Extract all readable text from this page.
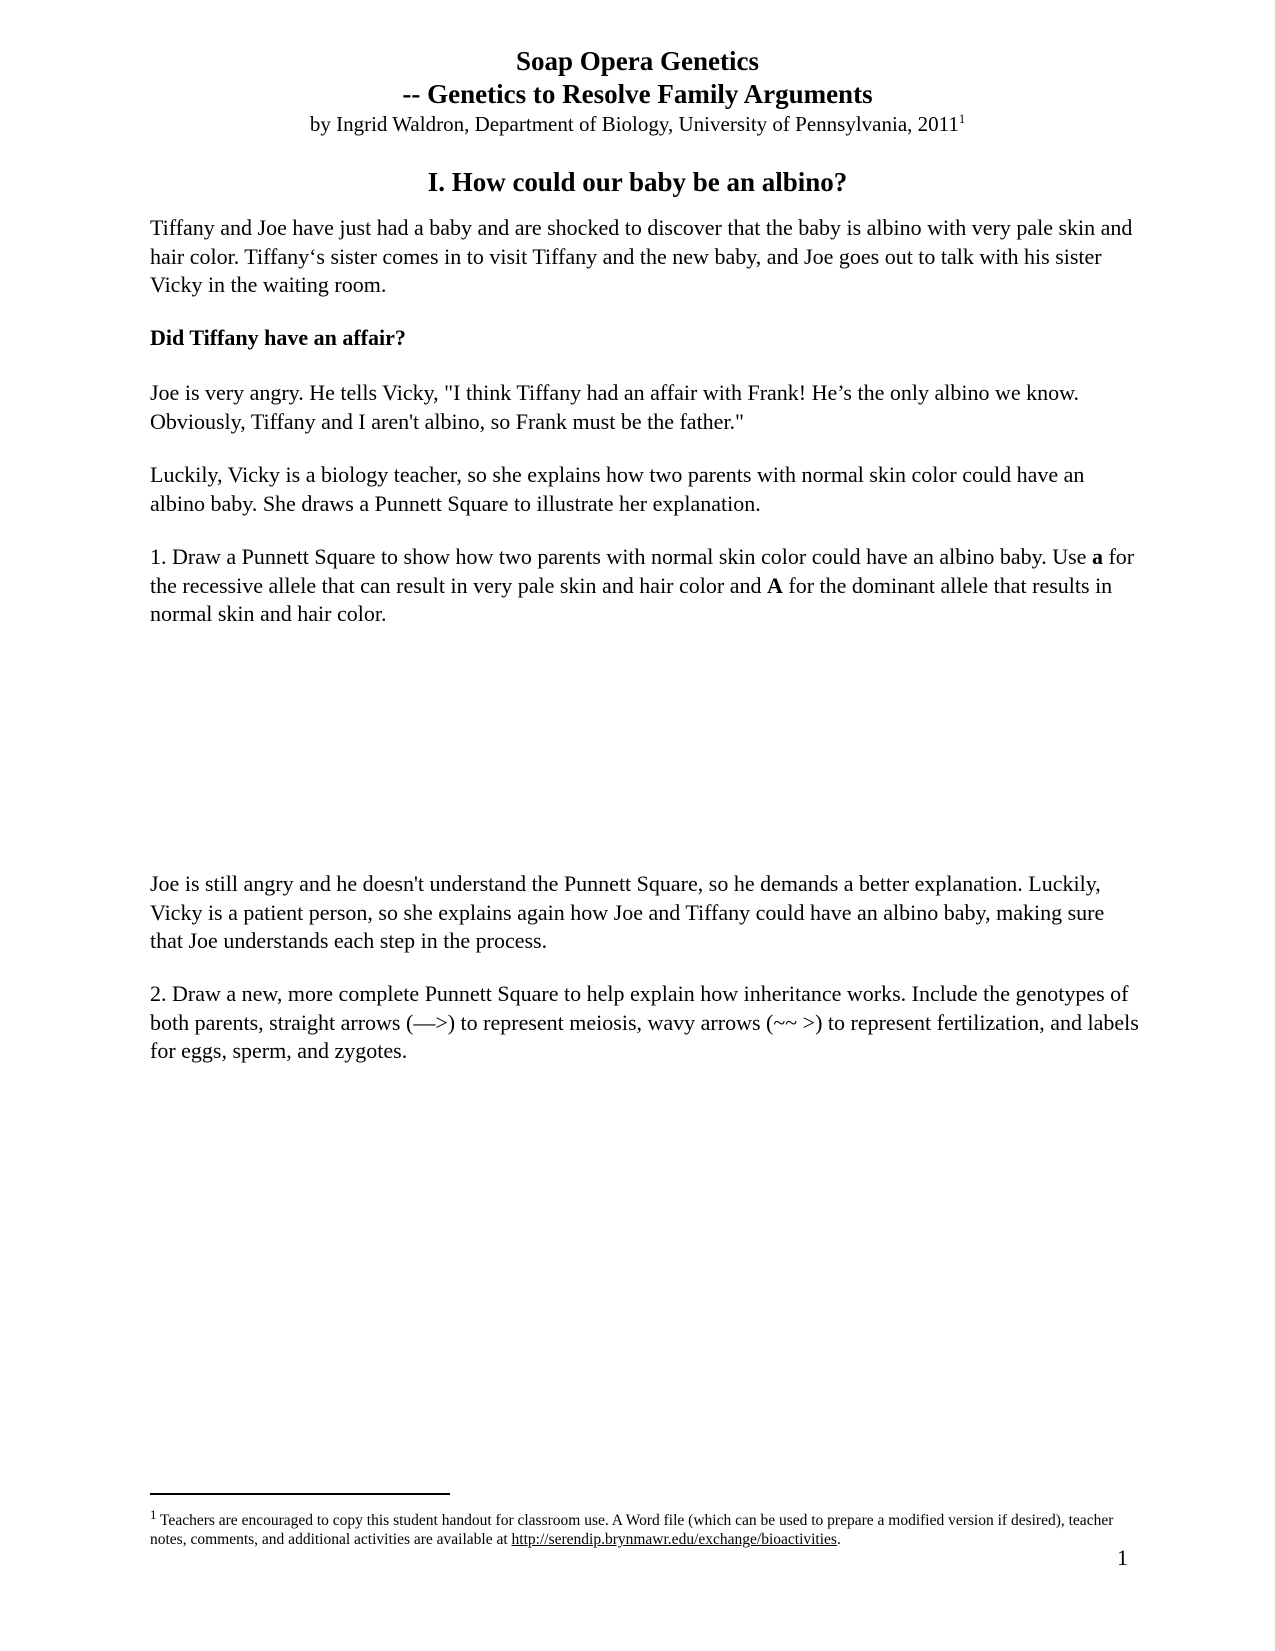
Soap Opera Genetics

-- Genetics to Resolve Family Arguments

by Ingrid Waldron, Department of Biology, University of Pennsylvania, 2011$^1$

I. How could our baby be an albino?

Tiffany and Joe have just had a baby and are shocked to discover that the baby is albino with very pale skin and hair color. Tiffany‘s sister comes in to visit Tiffany and the new baby, and Joe goes out to talk with his sister Vicky in the waiting room.

Did Tiffany have an affair?

Joe is very angry. He tells Vicky, "I think Tiffany had an affair with Frank! He’s the only albino we know. Obviously, Tiffany and I aren't albino, so Frank must be the father."

Luckily, Vicky is a biology teacher, so she explains how two parents with normal skin color could have an albino baby. She draws a Punnett Square to illustrate her explanation.

1. Draw a Punnett Square to show how two parents with normal skin color could have an albino baby. Use a for the recessive allele that can result in very pale skin and hair color and A for the dominant allele that results in normal skin and hair color.

Joe is still angry and he doesn't understand the Punnett Square, so he demands a better explanation. Luckily, Vicky is a patient person, so she explains again how Joe and Tiffany could have an albino baby, making sure that Joe understands each step in the process.

2. Draw a new, more complete Punnett Square to help explain how inheritance works. Include the genotypes of both parents, straight arrows (—>) to represent meiosis, wavy arrows (~~ >) to represent fertilization, and labels for eggs, sperm, and zygotes.

$^1$ Teachers are encouraged to copy this student handout for classroom use. A Word file (which can be used to prepare a modified version if desired), teacher notes, comments, and additional activities are available at http://serendip.brynmawr.edu/exchange/bioactivities.

1
